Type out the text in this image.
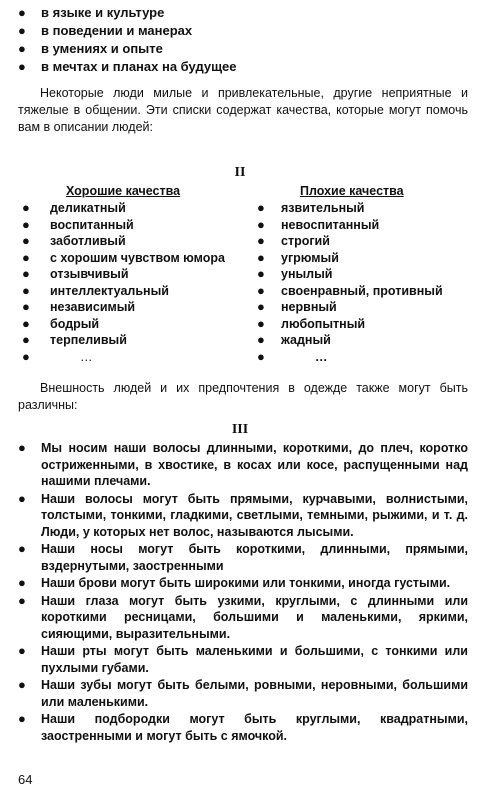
● в языке и культуре
● в поведении и манерах
● в умениях и опыте
● в мечтах и планах на будущее

Некоторые люди милые и привлекательные, другие неприятные и тяжелые в общении. Эти списки содержат качества, которые могут помочь вам в описании людей:

II
Хорошие качества
● деликатный
● воспитанный
● заботливый
● с хорошим чувством юмора
● отзывчивый
● интеллектуальный
● независимый
● бодрый
● терпеливый
●	…
Плохие качества
● язвительный
● невоспитанный
● строгий
● угрюмый
● унылый
● своенравный, противный
● нервный
● любопытный
● жадный
●	…

Внешность людей и их предпочтения в одежде также могут быть различны:

III
● Мы носим наши волосы длинными, короткими, до плеч, коротко остриженными, в хвостике, в косах или косе, распущенными над нашими плечами.
● Наши волосы могут быть прямыми, курчавыми, волнистыми, толстыми, тонкими, гладкими, светлыми, темными, рыжими, и т. д. Люди, у которых нет волос, называются лысыми.
● Наши носы могут быть короткими, длинными, прямыми, вздернутыми, заостренными
● Наши брови могут быть широкими или тонкими, иногда густыми.
● Наши глаза могут быть узкими, круглыми, с длинными или короткими ресницами, большими и маленькими, яркими, сияющими, выразительными.
● Наши рты могут быть маленькими и большими, с тонкими или пухлыми губами.
● Наши зубы могут быть белыми, ровными, неровными, большими или маленькими.
● Наши подбородки могут быть круглыми, квадратными, заостренными и могут быть с ямочкой.
64
